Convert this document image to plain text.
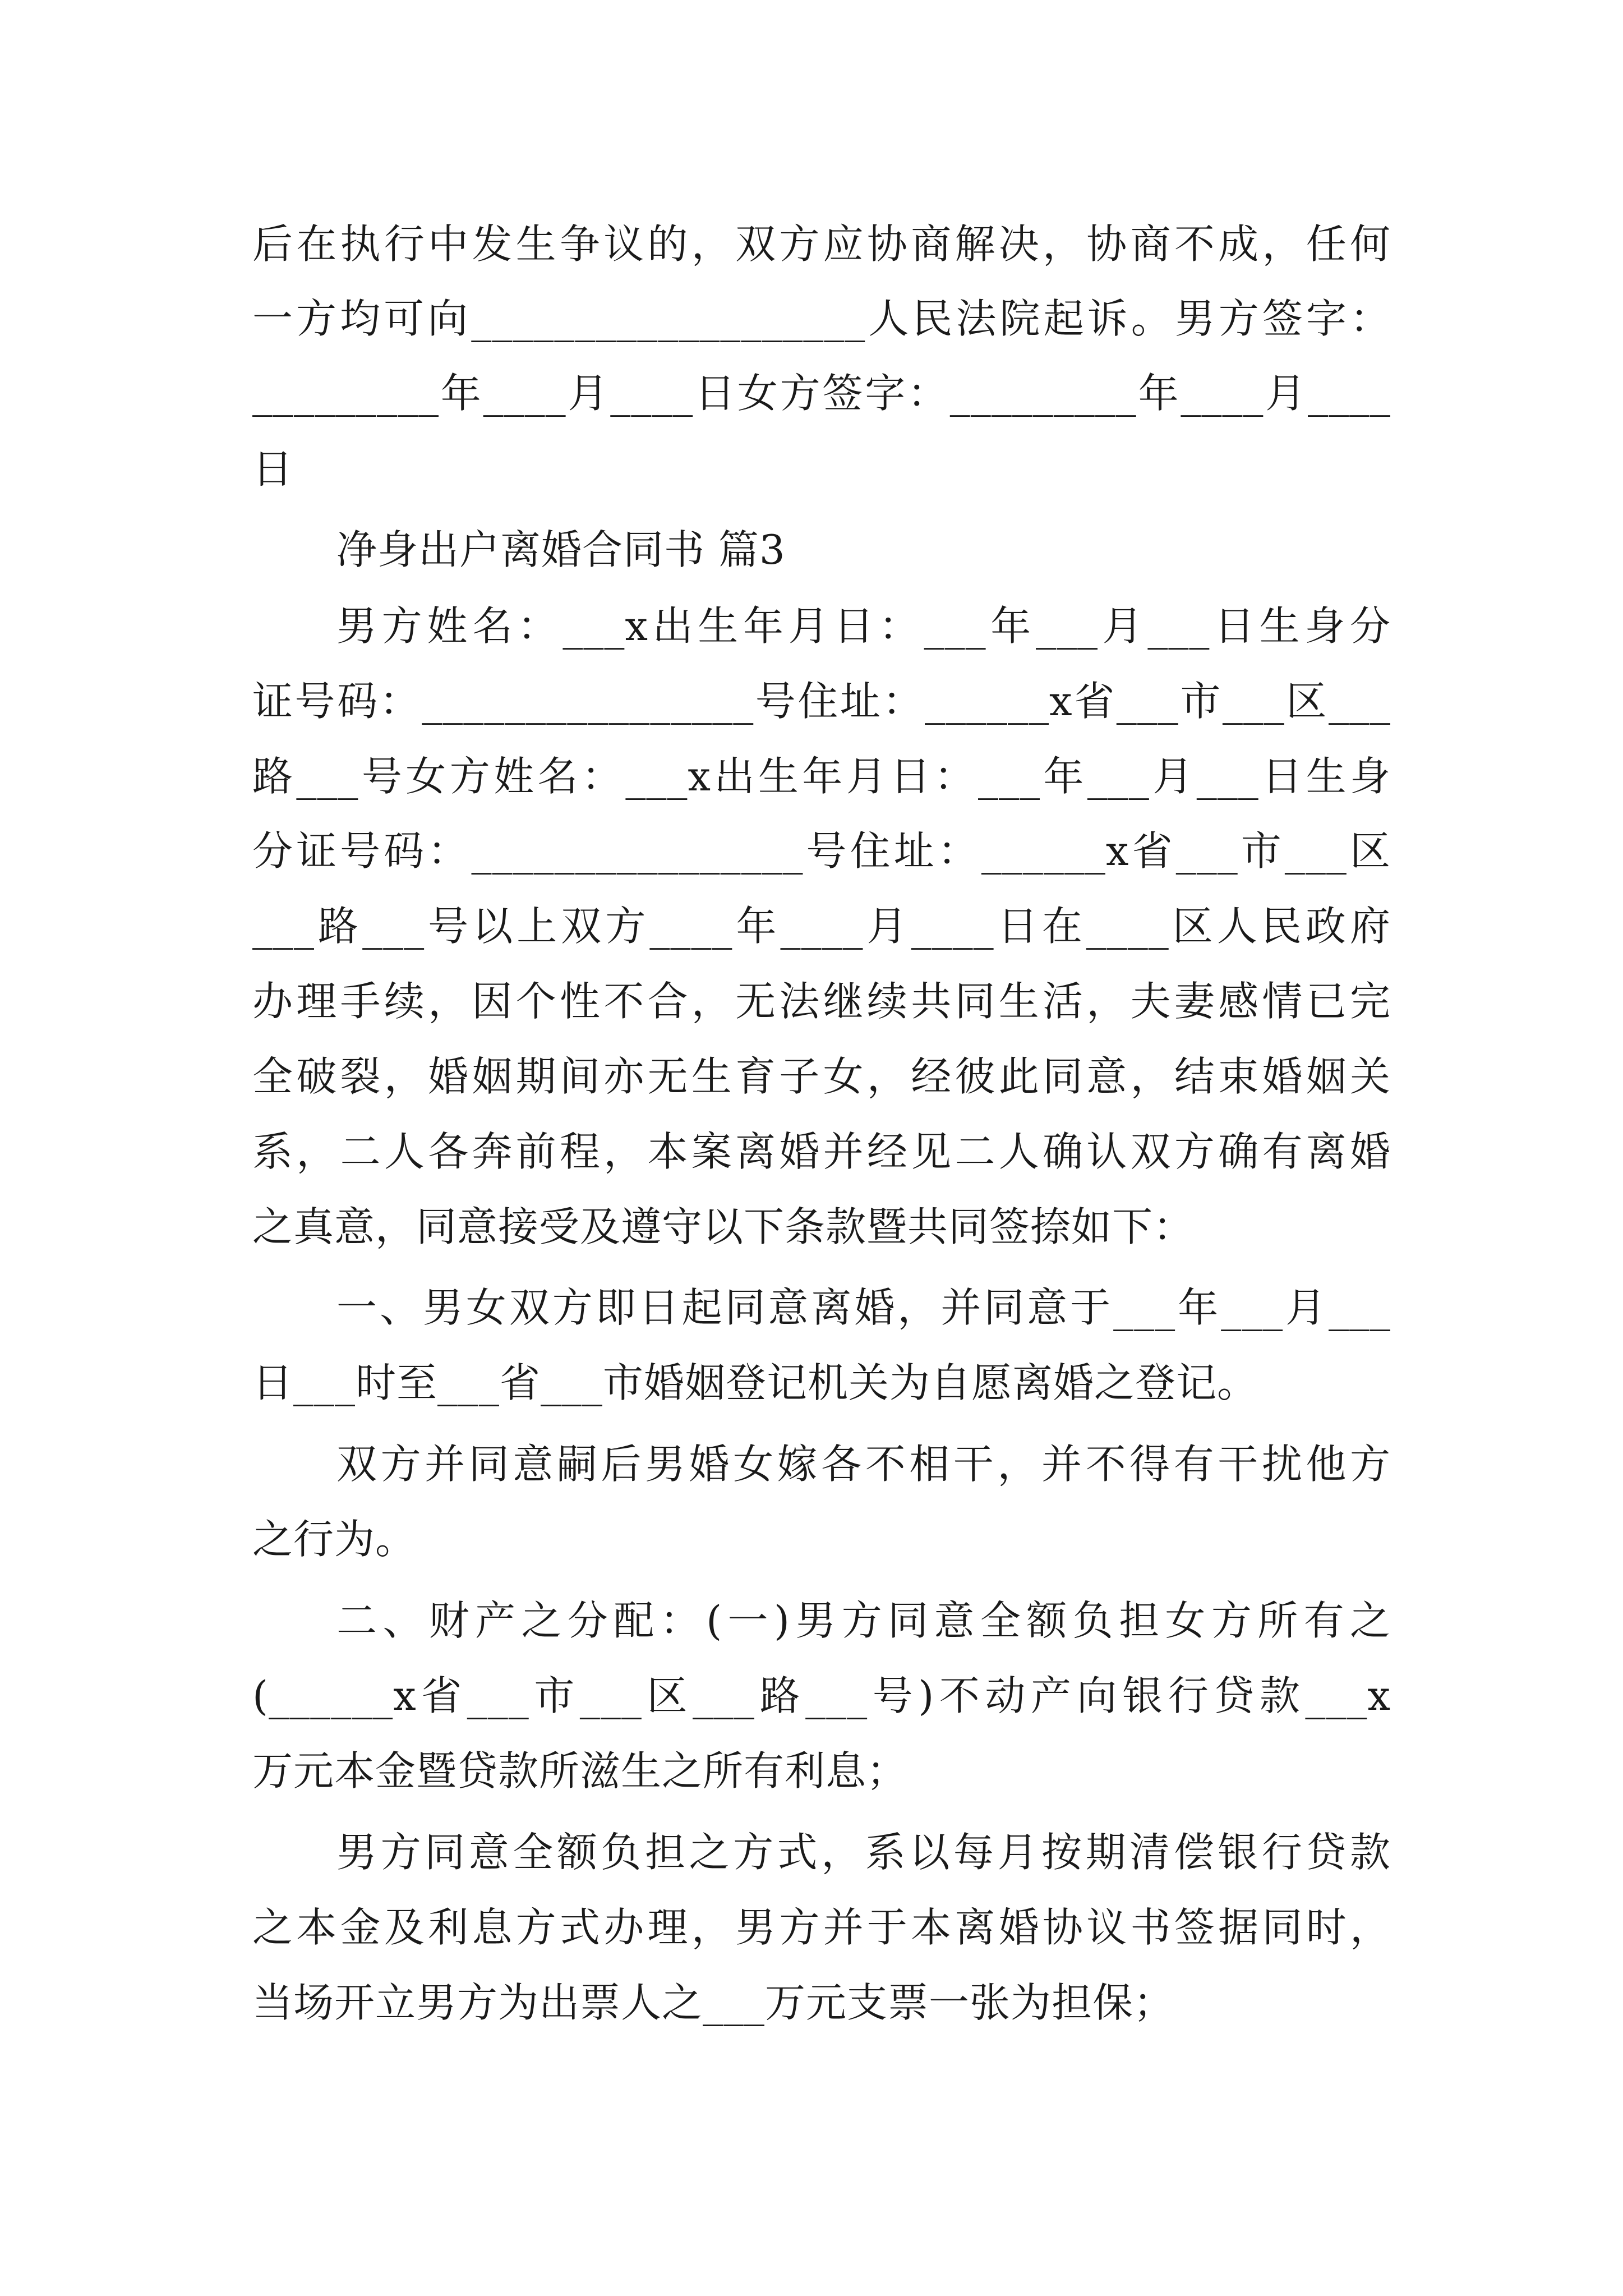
后在执行中发生争议的，双方应协商解决，协商不成，任何
一方均可向___________________人民法院起诉。男方签字：
_________年____月____日女方签字：_________年____月____
日
净身出户离婚合同书 篇3
男方姓名：___x出生年月日：___年___月___日生身分
证号码：________________号住址：______x省___市___区___
路___号女方姓名：___x出生年月日：___年___月___日生身
分证号码：________________号住址：______x省___市___区
___路___号以上双方____年____月____日在____区人民政府
办理手续，因个性不合，无法继续共同生活，夫妻感情已完
全破裂，婚姻期间亦无生育子女，经彼此同意，结束婚姻关
系，二人各奔前程，本案离婚并经见二人确认双方确有离婚
之真意，同意接受及遵守以下条款暨共同签捺如下：
一、男女双方即日起同意离婚，并同意于___年___月___
日___时至___省___市婚姻登记机关为自愿离婚之登记。
双方并同意嗣后男婚女嫁各不相干，并不得有干扰他方
之行为。
二、财产之分配：(一)男方同意全额负担女方所有之
(______x省___市___区___路___号)不动产向银行贷款___x
万元本金暨贷款所滋生之所有利息；
男方同意全额负担之方式，系以每月按期清偿银行贷款
之本金及利息方式办理，男方并于本离婚协议书签据同时，
当场开立男方为出票人之___万元支票一张为担保；
